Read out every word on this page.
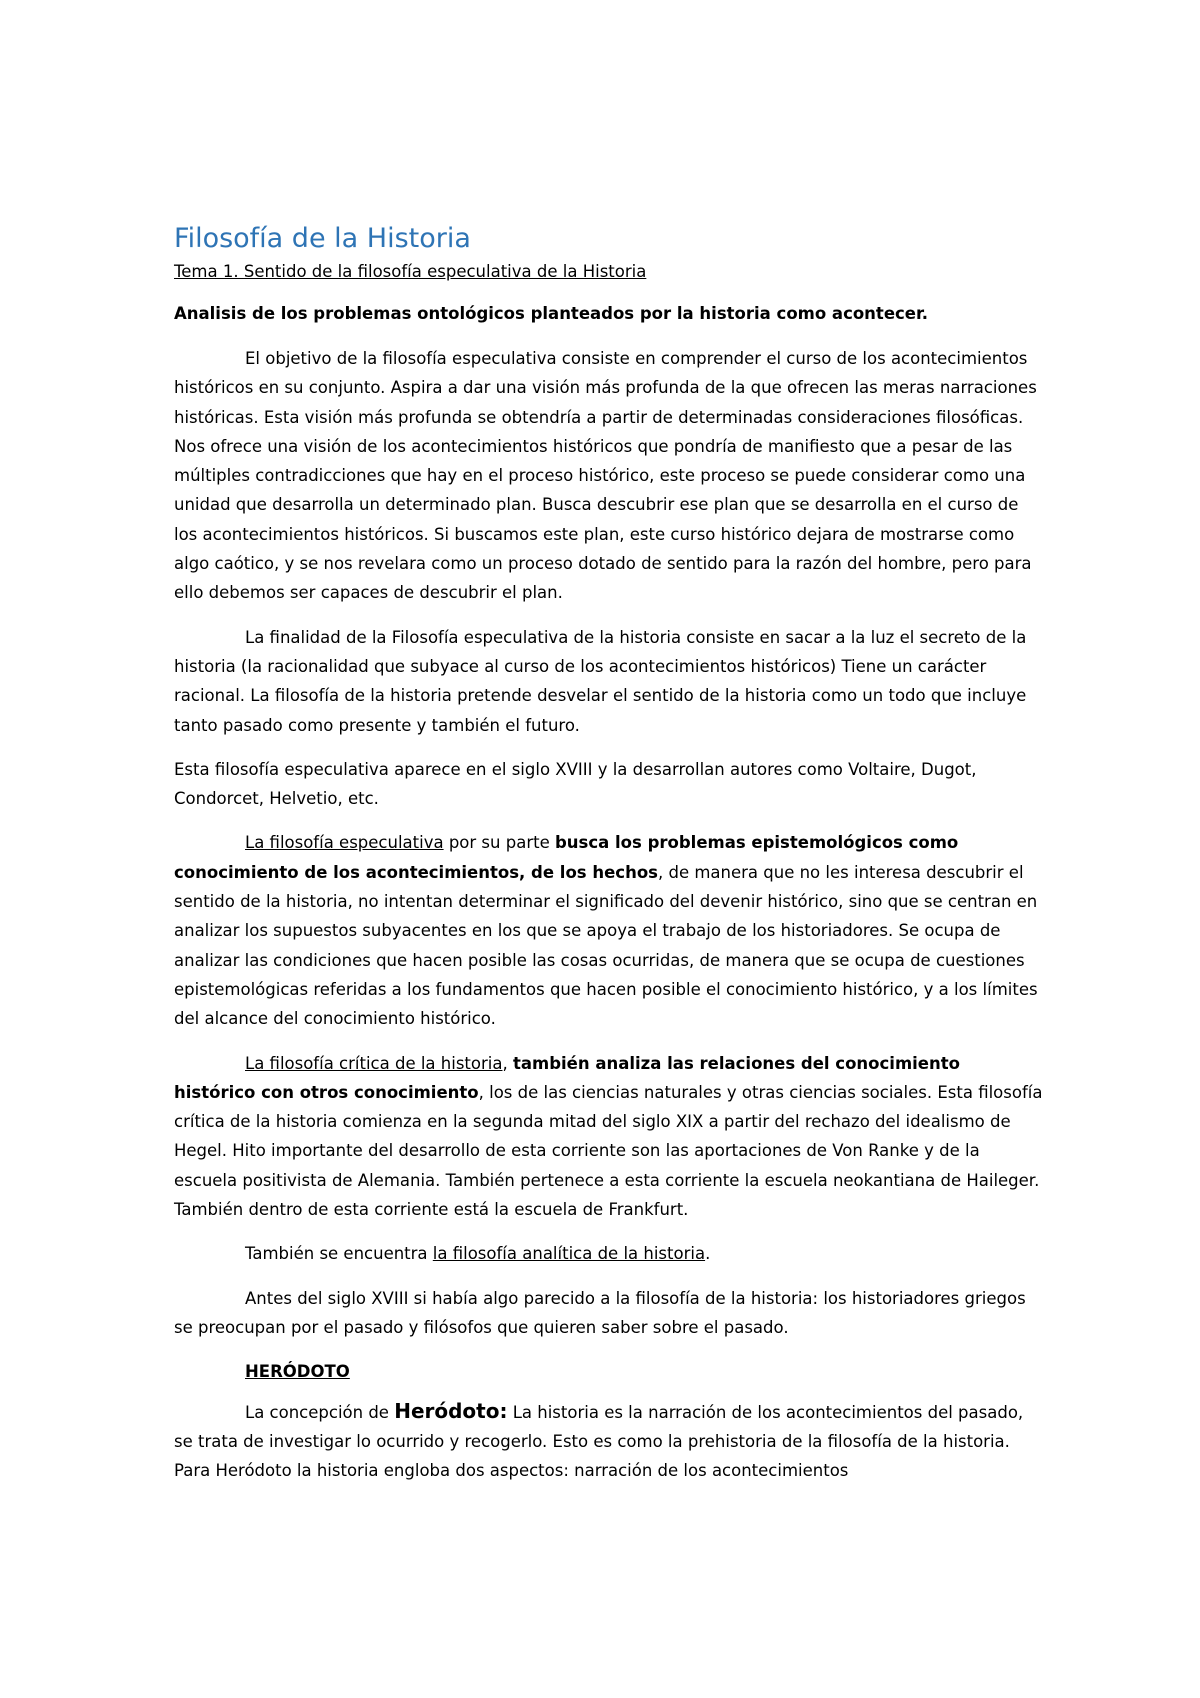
Filosofía de la Historia
Tema 1. Sentido de la filosofía especulativa de la Historia
Analisis de los problemas ontológicos planteados por la historia como acontecer.

El objetivo de la filosofía especulativa consiste en comprender el curso de los acontecimientos históricos en su conjunto. Aspira a dar una visión más profunda de la que ofrecen las meras narraciones históricas. Esta visión más profunda se obtendría a partir de determinadas consideraciones filosóficas. Nos ofrece una visión de los acontecimientos históricos que pondría de manifiesto que a pesar de las múltiples contradicciones que hay en el proceso histórico, este proceso se puede considerar como una unidad que desarrolla un determinado plan. Busca descubrir ese plan que se desarrolla en el curso de los acontecimientos históricos. Si buscamos este plan, este curso histórico dejara de mostrarse como algo caótico, y se nos revelara como un proceso dotado de sentido para la razón del hombre, pero para ello debemos ser capaces de descubrir el plan.

La finalidad de la Filosofía especulativa de la historia consiste en sacar a la luz el secreto de la historia (la racionalidad que subyace al curso de los acontecimientos históricos) Tiene un carácter racional. La filosofía de la historia pretende desvelar el sentido de la historia como un todo que incluye tanto pasado como presente y también el futuro.

Esta filosofía especulativa aparece en el siglo XVIII y la desarrollan autores como Voltaire, Dugot, Condorcet, Helvetio, etc.

La filosofía especulativa por su parte busca los problemas epistemológicos como conocimiento de los acontecimientos, de los hechos, de manera que no les interesa descubrir el sentido de la historia, no intentan determinar el significado del devenir histórico, sino que se centran en analizar los supuestos subyacentes en los que se apoya el trabajo de los historiadores. Se ocupa de analizar las condiciones que hacen posible las cosas ocurridas, de manera que se ocupa de cuestiones epistemológicas referidas a los fundamentos que hacen posible el conocimiento histórico, y a los límites del alcance del conocimiento histórico.

La filosofía crítica de la historia, también analiza las relaciones del conocimiento histórico con otros conocimiento, los de las ciencias naturales y otras ciencias sociales. Esta filosofía crítica de la historia comienza en la segunda mitad del siglo XIX a partir del rechazo del idealismo de Hegel. Hito importante del desarrollo de esta corriente son las aportaciones de Von Ranke y de la escuela positivista de Alemania. También pertenece a esta corriente la escuela neokantiana de Haileger. También dentro de esta corriente está la escuela de Frankfurt.

También se encuentra la filosofía analítica de la historia.

Antes del siglo XVIII si había algo parecido a la filosofía de la historia: los historiadores griegos se preocupan por el pasado y filósofos que quieren saber sobre el pasado.

HERÓDOTO

La concepción de Heródoto: La historia es la narración de los acontecimientos del pasado, se trata de investigar lo ocurrido y recogerlo. Esto es como la prehistoria de la filosofía de la historia. Para Heródoto la historia engloba dos aspectos: narración de los acontecimientos
